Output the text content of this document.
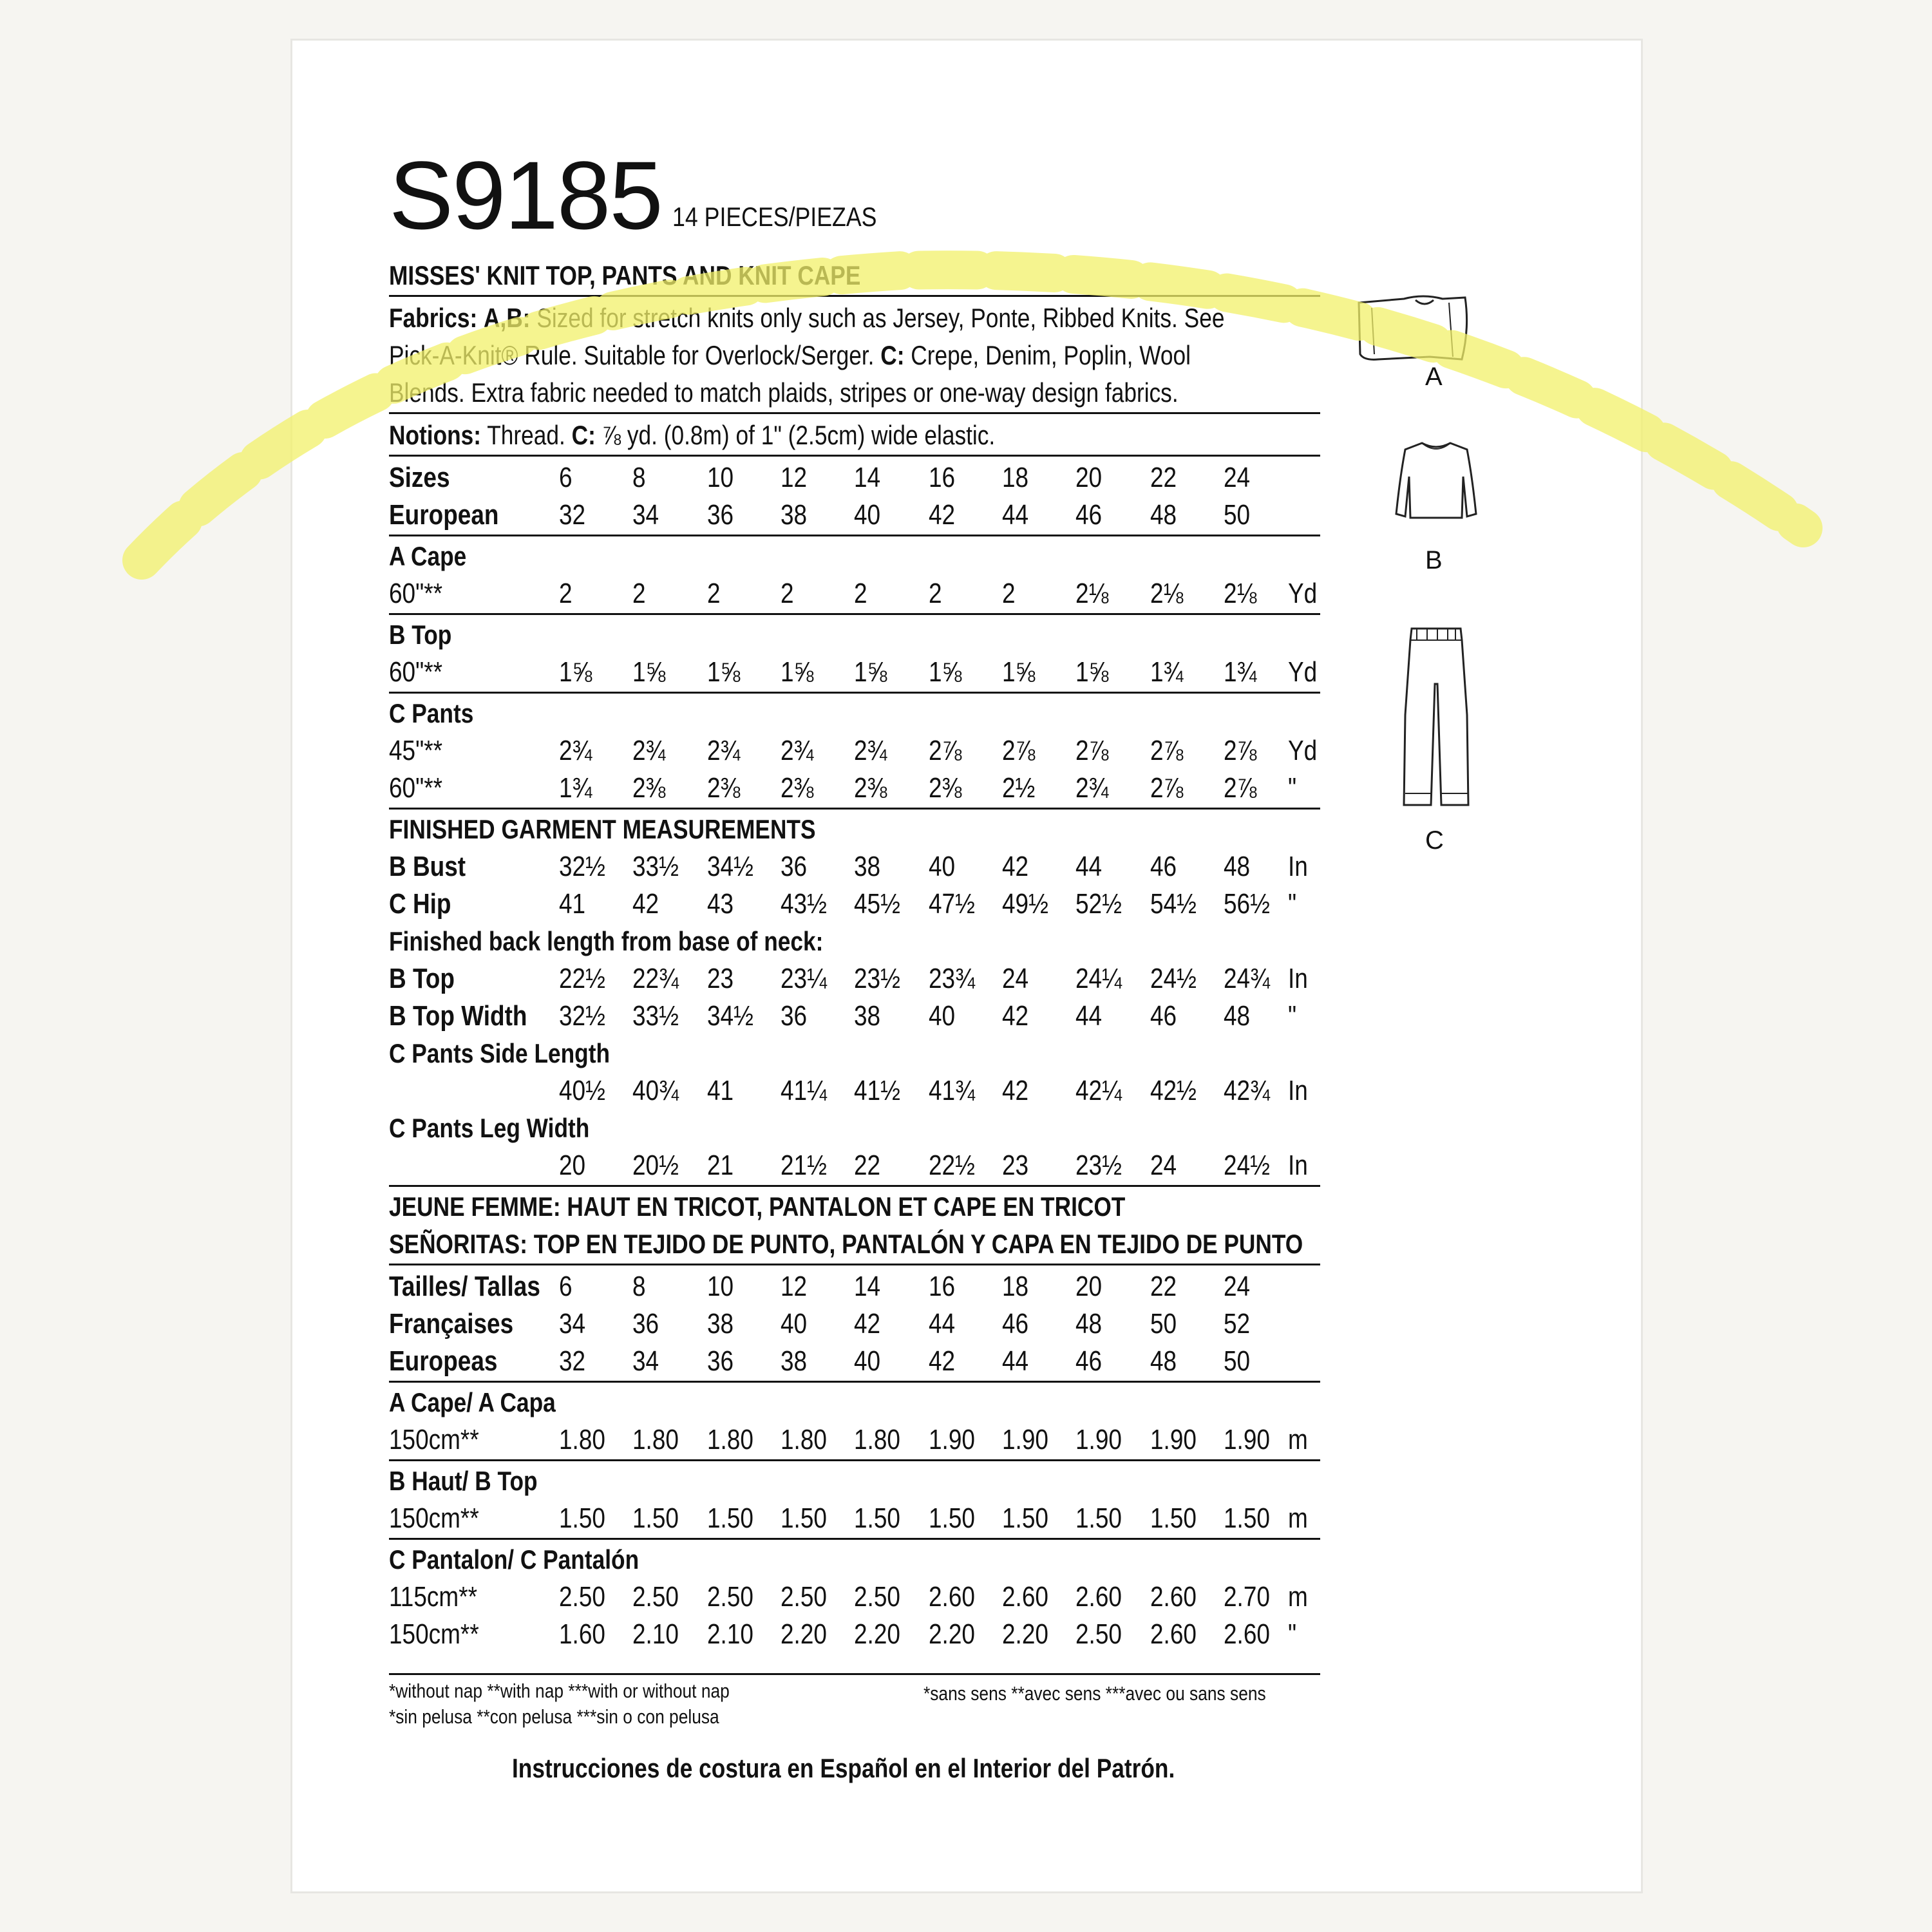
S9185 14 PIECES/PIEZAS
MISSES' KNIT TOP, PANTS AND KNIT CAPE
Fabrics: A,B: Sized for stretch knits only such as Jersey, Ponte, Ribbed Knits. See
Pick-A-Knit® Rule. Suitable for Overlock/Serger. C: Crepe, Denim, Poplin, Wool
Blends. Extra fabric needed to match plaids, stripes or one-way design fabrics.
Notions: Thread. C: ⅞ yd. (0.8m) of 1" (2.5cm) wide elastic.
Sizes	6 8 10 12 14 16 18 20 22 24
European 32 34 36 38 40 42 44 46 48 50
A Cape
60"**	2 2 2 2 2 2 2 2⅛ 2⅛ 2⅛ Yd
B Top
60"**	1⅝ 1⅝ 1⅝ 1⅝ 1⅝ 1⅝ 1⅝ 1⅝ 1¾ 1¾ Yd
C Pants
45"**	2¾ 2¾ 2¾ 2¾ 2¾ 2⅞ 2⅞ 2⅞ 2⅞ 2⅞ Yd
60"**	1¾ 2⅜ 2⅜ 2⅜ 2⅜ 2⅜ 2½ 2¾ 2⅞ 2⅞ "
FINISHED GARMENT MEASUREMENTS
B Bust	32½ 33½ 34½ 36 38 40 42 44 46 48 In
C Hip	41 42 43 43½ 45½ 47½ 49½ 52½ 54½ 56½ "
Finished back length from base of neck:
B Top	22½ 22¾ 23 23¼ 23½ 23¾ 24 24¼ 24½ 24¾ In
B Top Width 32½ 33½ 34½ 36 38 40 42 44 46 48 "
C Pants Side Length
40½ 40¾ 41 41¼ 41½ 41¾ 42 42¼ 42½ 42¾ In
C Pants Leg Width
20 20½ 21 21½ 22 22½ 23 23½ 24 24½ In
JEUNE FEMME: HAUT EN TRICOT, PANTALON ET CAPE EN TRICOT
SEÑORITAS: TOP EN TEJIDO DE PUNTO, PANTALÓN Y CAPA EN TEJIDO DE PUNTO
Tailles/ Tallas 6 8 10 12 14 16 18 20 22 24
Françaises 34 36 38 40 42 44 46 48 50 52
Europeas 32 34 36 38 40 42 44 46 48 50
A Cape/ A Capa
150cm**	1.80 1.80 1.80 1.80 1.80 1.90 1.90 1.90 1.90 1.90 m
B Haut/ B Top
150cm**	1.50 1.50 1.50 1.50 1.50 1.50 1.50 1.50 1.50 1.50 m
C Pantalon/ C Pantalón
115cm**	2.50 2.50 2.50 2.50 2.50 2.60 2.60 2.60 2.60 2.70 m
150cm**	1.60 2.10 2.10 2.20 2.20 2.20 2.20 2.50 2.60 2.60 "
*without nap **with nap ***with or without nap
*sin pelusa **con pelusa ***sin o con pelusa
*sans sens **avec sens ***avec ou sans sens
Instrucciones de costura en Español en el Interior del Patrón.
A
B
C
